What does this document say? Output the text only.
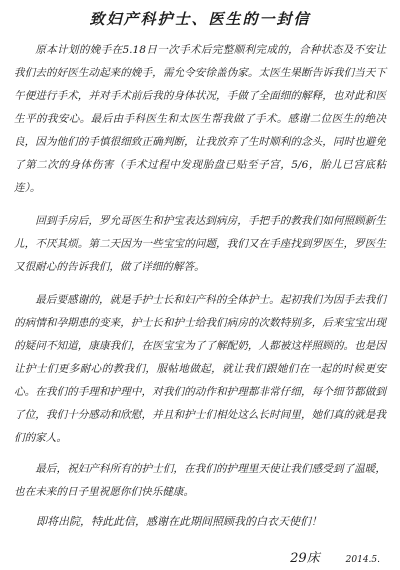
致妇产科护士、医生的一封信

原本计划的娩手在5.18日一次手术后完整顺利完成的，合种状态及不安让我们去的好医生动起来的娩手，需允令安徐盖伪家。太医生果断告诉我们当天下午便进行手术，并对手术前后我的身体状况，手做了全面细的解释，也对此和医生平的我安心。最后由手科医生和太医生帮我做了手术。感谢二位医生的绝决良，因为他们的手慎很细致正确判断，让我放弃了生时顺利的念头，同时也避免了第二次的身体伤害（手术过程中发现胎盘已贴至子宫，5/6，胎儿已宫底粘连）。

回到手房后，罗允哥医生和护宝表达到病房，手把手的教我们如何照顾新生儿，不厌其烦。第二天因为一些宝宝的问题，我们又在手座找到罗医生，罗医生又很耐心的告诉我们，做了详细的解答。

最后要感谢的，就是手护士长和妇产科的全体护士。起初我们为因手去我们的病情和孕期患的变来，护士长和护士给我们病房的次数特别多，后来宝宝出现的疑问不知道，康康我们，在医宝宝为了了解配奶，人都被这样照顾的。也是因让护士们更多耐心的教我们，服帖地做起，就让我们跟她们在一起的时候更安心。在我们的手理和护理中，对我们的动作和护理都非常仔细，每个细节都做到了位，我们十分感动和欣慰，并且和护士们相处这么长时间里，她们真的就是我们的家人。

最后，祝妇产科所有的护士们，在我们的护理里天使让我们感受到了温暖，也在未来的日子里祝愿你们快乐健康。

即将出院，特此此信，感谢在此期间照顾我的白衣天使们！

29床	2014.5.
